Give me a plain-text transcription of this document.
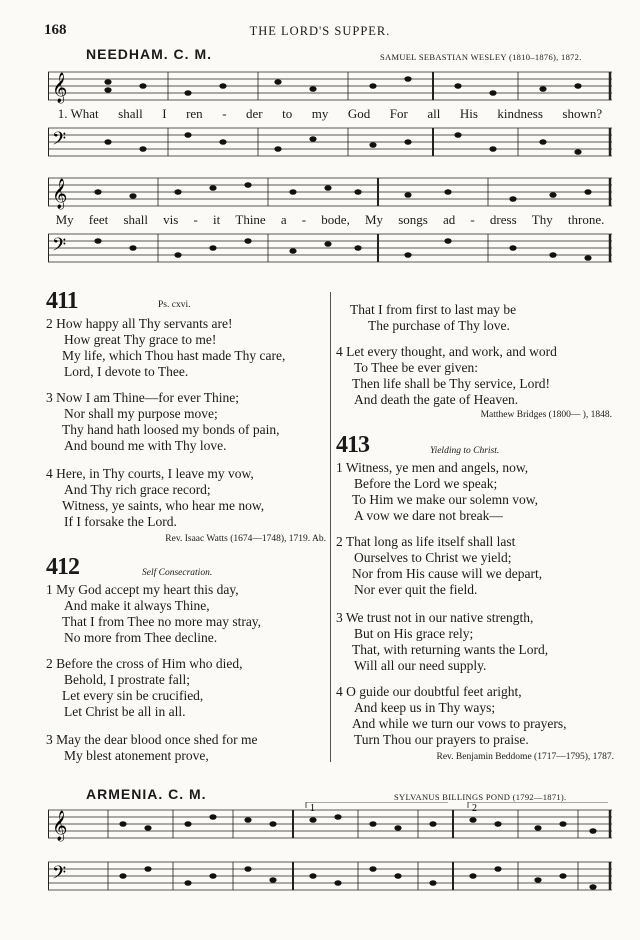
168	THE LORD'S SUPPER.
NEEDHAM. C. M.	SAMUEL SEBASTIAN WESLEY (1810–1876), 1872.
𝄞
1. What shall I ren - der to my God For all His kindness shown?
𝄢
𝄞
My feet shall vis - it Thine a - bode, My songs ad - dress Thy throne.
𝄢
411	Ps. cxvi.
2 How happy all Thy servants are!
How great Thy grace to me!
My life, which Thou hast made Thy care,
Lord, I devote to Thee.
3 Now I am Thine—for ever Thine;
Nor shall my purpose move;
Thy hand hath loosed my bonds of pain,
And bound me with Thy love.
4 Here, in Thy courts, I leave my vow,
And Thy rich grace record;
Witness, ye saints, who hear me now,
If I forsake the Lord.
Rev. Isaac Watts (1674—1748), 1719. Ab.
412	Self Consecration.
1 My God accept my heart this day,
And make it always Thine,
That I from Thee no more may stray,
No more from Thee decline.
2 Before the cross of Him who died,
Behold, I prostrate fall;
Let every sin be crucified,
Let Christ be all in all.
3 May the dear blood once shed for me
My blest atonement prove,
That I from first to last may be
The purchase of Thy love.
4 Let every thought, and work, and word
To Thee be ever given:
Then life shall be Thy service, Lord!
And death the gate of Heaven.
Matthew Bridges (1800— ), 1848.
413	Yielding to Christ.
1 Witness, ye men and angels, now,
Before the Lord we speak;
To Him we make our solemn vow,
A vow we dare not break—
2 That long as life itself shall last
Ourselves to Christ we yield;
Nor from His cause will we depart,
Nor ever quit the field.
3 We trust not in our native strength,
But on His grace rely;
That, with returning wants the Lord,
Will all our need supply.
4 O guide our doubtful feet aright,
And keep us in Thy ways;
And while we turn our vows to prayers,
Turn Thou our prayers to praise.
Rev. Benjamin Beddome (1717—1795), 1787.
ARMENIA. C. M.	SYLVANUS BILLINGS POND (1792—1871).
𝄞
1	2
𝄢
